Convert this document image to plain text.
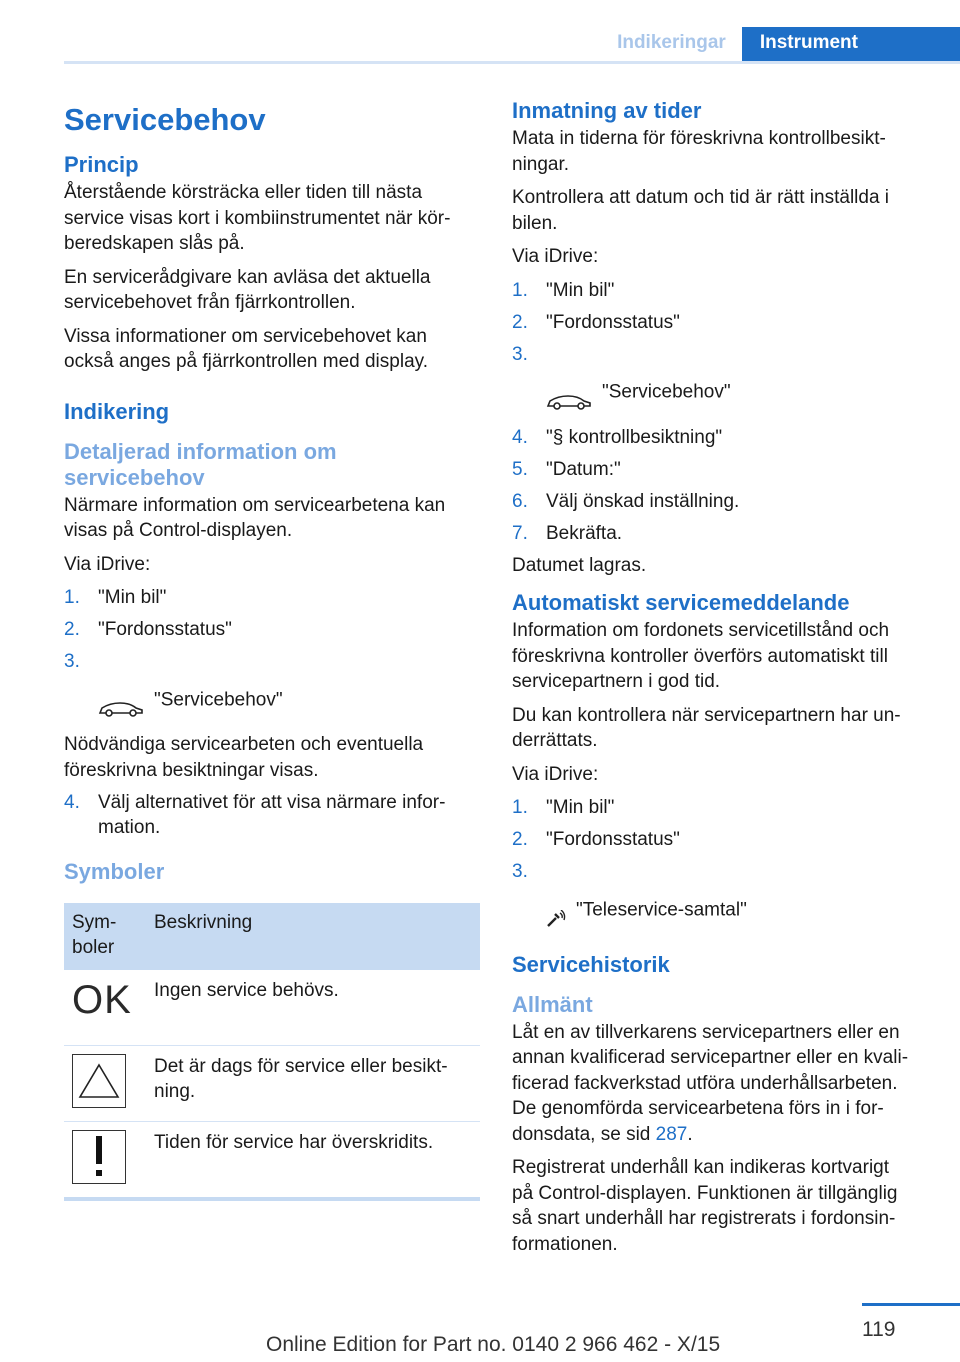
Indikeringar	Instrument
Servicebehov
Princip
Återstående körsträcka eller tiden till nästa
service visas kort i kombiinstrumentet när kör‐
beredskapen slås på.
En servicerådgivare kan avläsa det aktuella
servicebehovet från fjärrkontrollen.
Vissa informationer om servicebehovet kan
också anges på fjärrkontrollen med display.
Indikering
Detaljerad information om
servicebehov
Närmare information om servicearbetena kan
visas på Control-displayen.
Via iDrive:
1. "Min bil"
2. "Fordonsstatus"
3.

"Servicebehov"

Nödvändiga servicearbeten och eventuella föreskrivna besiktningar visas.
4. Välj alternativet för att visa närmare infor‐
mation.
Symboler
Sym‐
boler	Beskrivning
OK	Ingen service behövs.

	Det är dags för service eller besikt‐
ning.

	Tiden för service har överskridits.
Inmatning av tider
Mata in tiderna för föreskrivna kontrollbesikt‐
ningar.
Kontrollera att datum och tid är rätt inställda i
bilen.
Via iDrive:
1. "Min bil"
2. "Fordonsstatus"
3.

"Servicebehov"

4. "§ kontrollbesiktning"
5. "Datum:"
6. Välj önskad inställning.
7. Bekräfta.
Datumet lagras.
Automatiskt servicemeddelande
Information om fordonets servicetillstånd och
föreskrivna kontroller överförs automatiskt till
servicepartnern i god tid.
Du kan kontrollera när servicepartnern har un‐
derrättats.
Via iDrive:
1. "Min bil"
2. "Fordonsstatus"
3.

"Teleservice-samtal"

Servicehistorik
Allmänt
Låt en av tillverkarens servicepartners eller en
annan kvalificerad servicepartner eller en kvali‐
ficerad fackverkstad utföra underhållsarbeten.
De genomförda servicearbetena förs in i for‐
donsdata, se sid 287.
Registrerat underhåll kan indikeras kortvarigt
på Control-displayen. Funktionen är tillgänglig
så snart underhåll har registrerats i fordonsin‐
formationen.
119
Online Edition for Part no. 0140 2 966 462 - X/15
